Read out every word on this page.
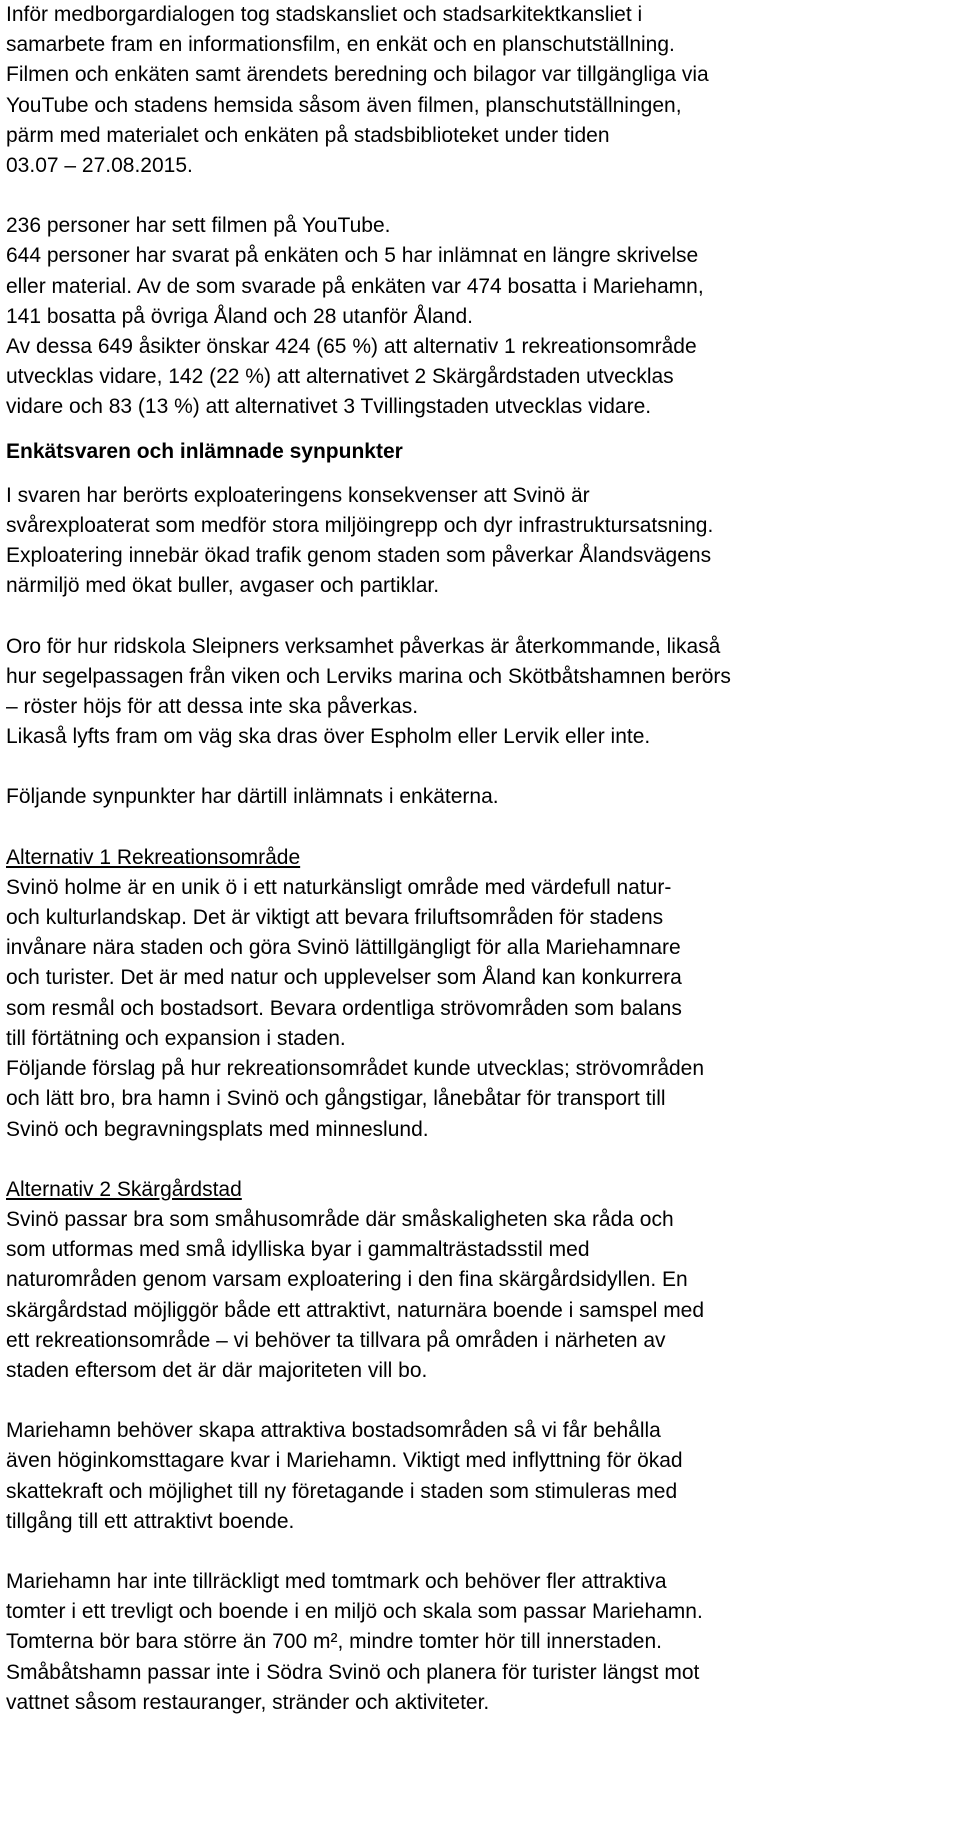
Inför medborgardialogen tog stadskansliet och stadsarkitektkansliet i
samarbete fram en informationsfilm, en enkät och en planschutställning.
Filmen och enkäten samt ärendets beredning och bilagor var tillgängliga via
YouTube och stadens hemsida såsom även filmen, planschutställningen,
pärm med materialet och enkäten på stadsbiblioteket under tiden
03.07 – 27.08.2015.
236 personer har sett filmen på YouTube.
644 personer har svarat på enkäten och 5 har inlämnat en längre skrivelse
eller material. Av de som svarade på enkäten var 474 bosatta i Mariehamn,
141 bosatta på övriga Åland och 28 utanför Åland.
Av dessa 649 åsikter önskar 424 (65 %) att alternativ 1 rekreationsområde
utvecklas vidare, 142 (22 %) att alternativet 2 Skärgårdstaden utvecklas
vidare och 83 (13 %) att alternativet 3 Tvillingstaden utvecklas vidare.
Enkätsvaren och inlämnade synpunkter
I svaren har berörts exploateringens konsekvenser att Svinö är
svårexploaterat som medför stora miljöingrepp och dyr infrastruktursatsning.
Exploatering innebär ökad trafik genom staden som påverkar Ålandsvägens
närmiljö med ökat buller, avgaser och partiklar.
Oro för hur ridskola Sleipners verksamhet påverkas är återkommande, likaså
hur segelpassagen från viken och Lerviks marina och Skötbåtshamnen berörs
– röster höjs för att dessa inte ska påverkas.
Likaså lyfts fram om väg ska dras över Espholm eller Lervik eller inte.
Följande synpunkter har därtill inlämnats i enkäterna.
Alternativ 1 Rekreationsområde
Svinö holme är en unik ö i ett naturkänsligt område med värdefull natur-
och kulturlandskap. Det är viktigt att bevara friluftsområden för stadens
invånare nära staden och göra Svinö lättillgängligt för alla Mariehamnare
och turister. Det är med natur och upplevelser som Åland kan konkurrera
som resmål och bostadsort. Bevara ordentliga strövområden som balans
till förtätning och expansion i staden.
Följande förslag på hur rekreationsområdet kunde utvecklas; strövområden
och lätt bro, bra hamn i Svinö och gångstigar, lånebåtar för transport till
Svinö och begravningsplats med minneslund.
Alternativ 2 Skärgårdstad
Svinö passar bra som småhusområde där småskaligheten ska råda och
som utformas med små idylliska byar i gammalträstadsstil med
naturområden genom varsam exploatering i den fina skärgårdsidyllen. En
skärgårdstad möjliggör både ett attraktivt, naturnära boende i samspel med
ett rekreationsområde – vi behöver ta tillvara på områden i närheten av
staden eftersom det är där majoriteten vill bo.
Mariehamn behöver skapa attraktiva bostadsområden så vi får behålla
även höginkomsttagare kvar i Mariehamn. Viktigt med inflyttning för ökad
skattekraft och möjlighet till ny företagande i staden som stimuleras med
tillgång till ett attraktivt boende.
Mariehamn har inte tillräckligt med tomtmark och behöver fler attraktiva
tomter i ett trevligt och boende i en miljö och skala som passar Mariehamn.
Tomterna bör bara större än 700 m², mindre tomter hör till innerstaden.
Småbåtshamn passar inte i Södra Svinö och planera för turister längst mot
vattnet såsom restauranger, stränder och aktiviteter.
